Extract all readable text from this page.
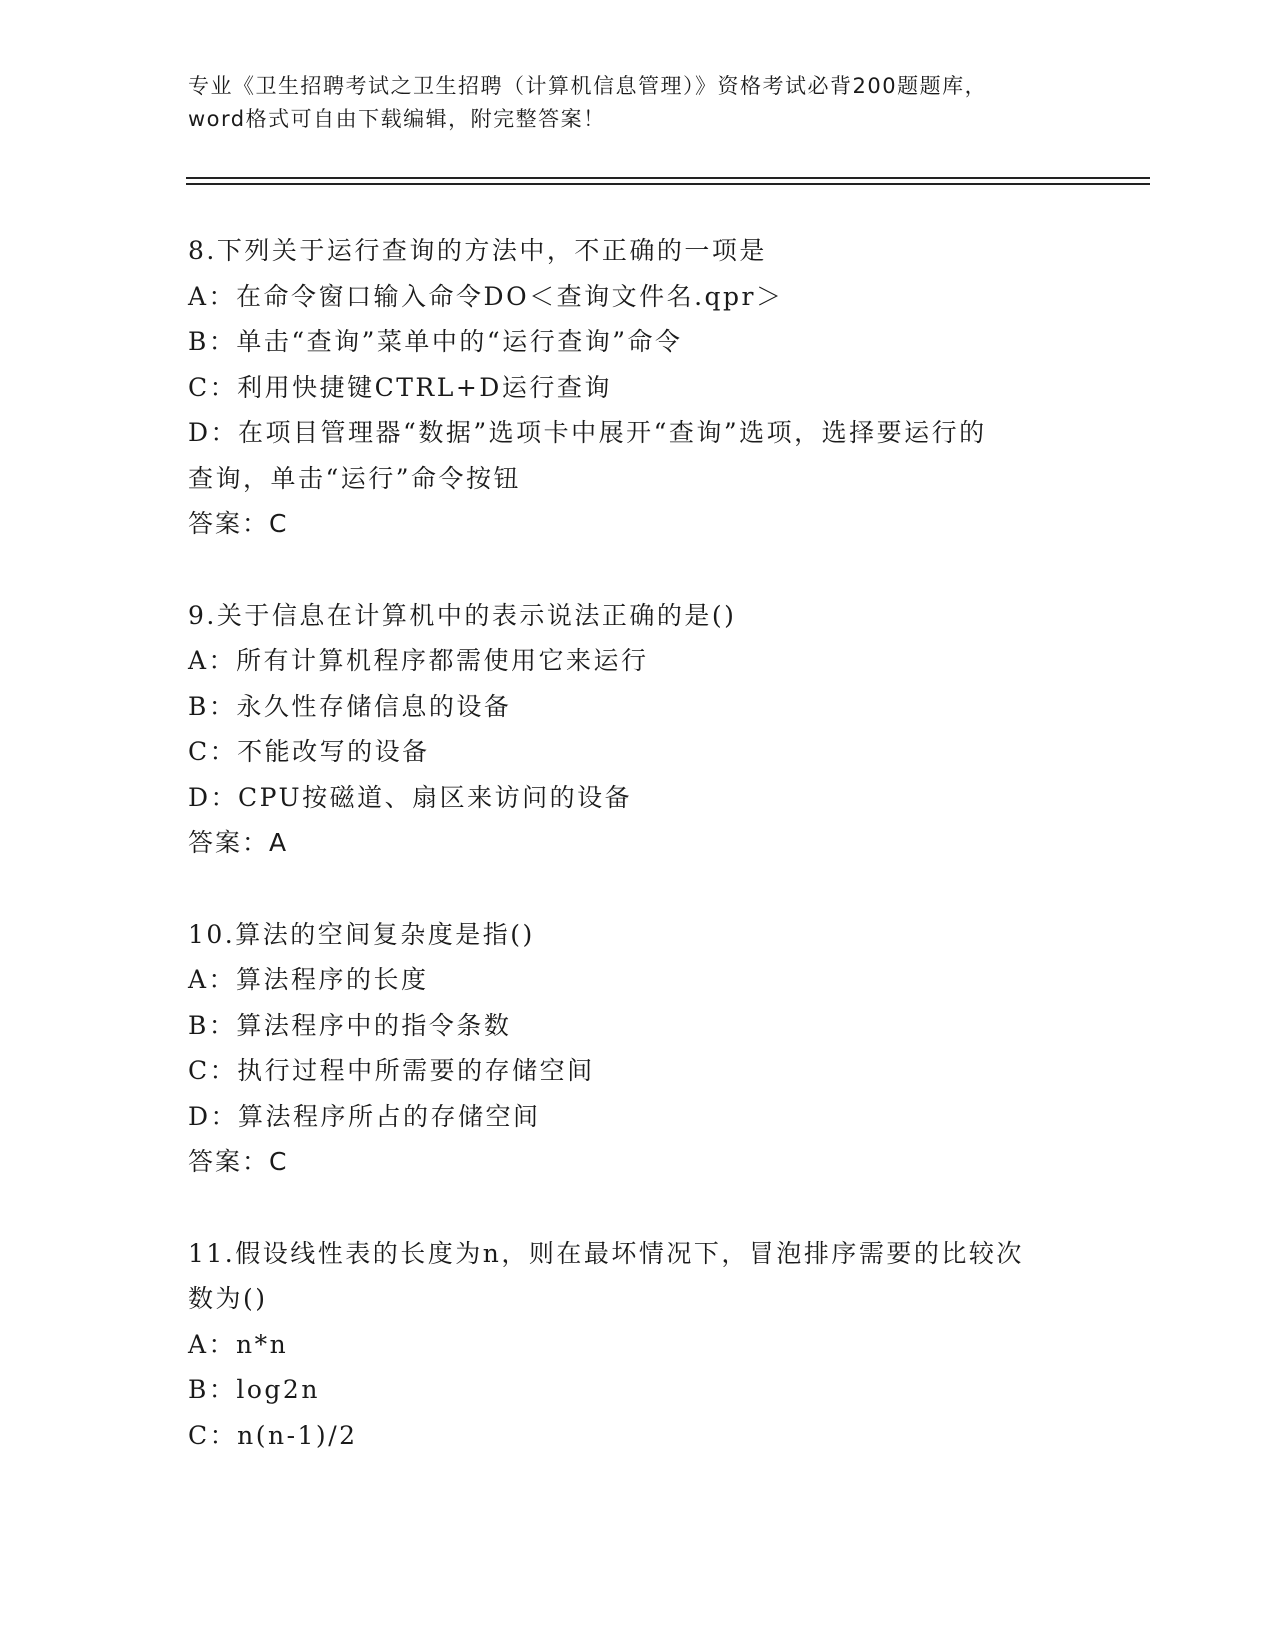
专业《卫生招聘考试之卫生招聘（计算机信息管理）》资格考试必背200题题库，
word格式可自由下载编辑，附完整答案！
8.下列关于运行查询的方法中，不正确的一项是
A：在命令窗口输入命令DO＜查询文件名.qpr＞
B：单击“查询”菜单中的“运行查询”命令
C：利用快捷键CTRL+D运行查询
D：在项目管理器“数据”选项卡中展开“查询”选项，选择要运行的
查询，单击“运行”命令按钮
答案：C
9.关于信息在计算机中的表示说法正确的是()
A：所有计算机程序都需使用它来运行
B：永久性存储信息的设备
C：不能改写的设备
D：CPU按磁道、扇区来访问的设备
答案：A
10.算法的空间复杂度是指()
A：算法程序的长度
B：算法程序中的指令条数
C：执行过程中所需要的存储空间
D：算法程序所占的存储空间
答案：C
11.假设线性表的长度为n，则在最坏情况下，冒泡排序需要的比较次
数为()
A：n*n
B：log2n
C：n(n-1)/2
